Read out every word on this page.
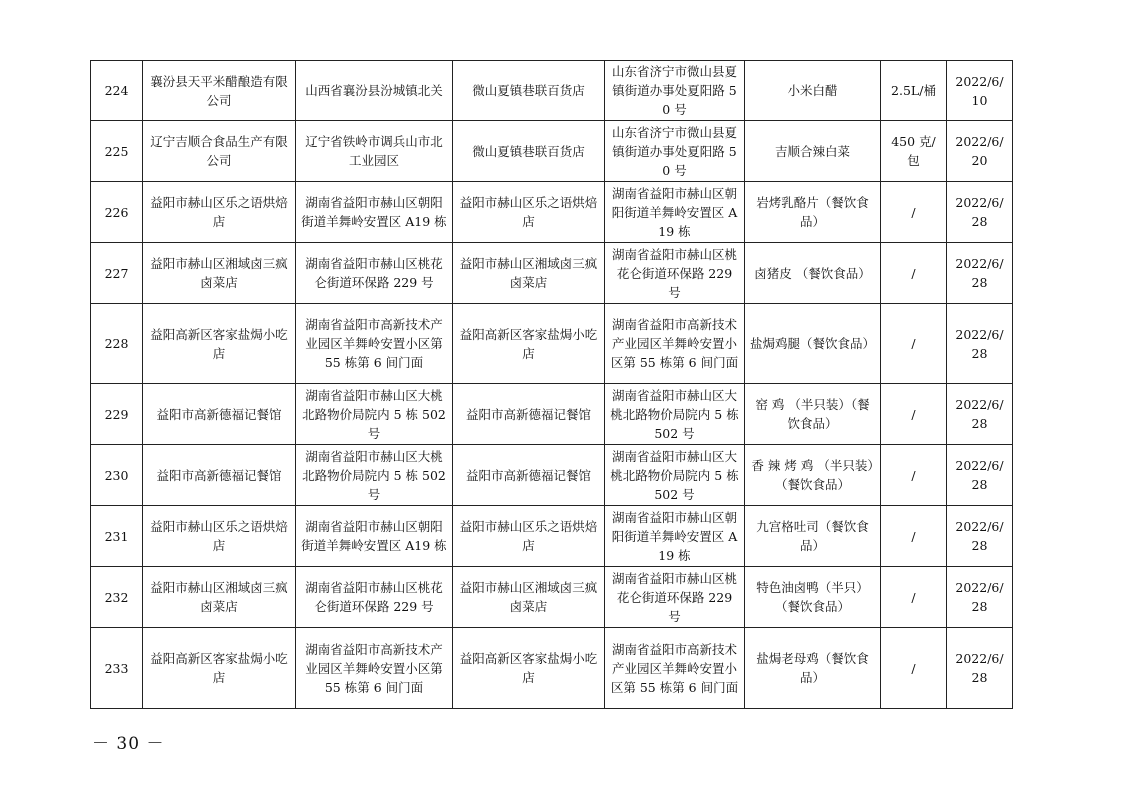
224	襄汾县天平米醋酿造有限公司	山西省襄汾县汾城镇北关	微山夏镇巷联百货店	山东省济宁市微山县夏镇街道办事处夏阳路 50 号	小米白醋	2.5L/桶	2022/6/10
225	辽宁吉顺合食品生产有限公司	辽宁省铁岭市调兵山市北工业园区	微山夏镇巷联百货店	山东省济宁市微山县夏镇街道办事处夏阳路 50 号	吉顺合辣白菜	450 克/包	2022/6/20
226	益阳市赫山区乐之语烘焙店	湖南省益阳市赫山区朝阳街道羊舞岭安置区 A19 栋	益阳市赫山区乐之语烘焙店	湖南省益阳市赫山区朝阳街道羊舞岭安置区 A19 栋	岩烤乳酪片（餐饮食品）	/	2022/6/28
227	益阳市赫山区湘域卤三疯卤菜店	湖南省益阳市赫山区桃花仑街道环保路 229 号	益阳市赫山区湘域卤三疯卤菜店	湖南省益阳市赫山区桃花仑街道环保路 229 号	卤猪皮 （餐饮食品）	/	2022/6/28
228	益阳高新区客家盐焗小吃店	湖南省益阳市高新技术产业园区羊舞岭安置小区第 55 栋第 6 间门面	益阳高新区客家盐焗小吃店	湖南省益阳市高新技术产业园区羊舞岭安置小区第 55 栋第 6 间门面	盐焗鸡腿（餐饮食品）	/	2022/6/28
229	益阳市高新德福记餐馆	湖南省益阳市赫山区大桃北路物价局院内 5 栋 502 号	益阳市高新德福记餐馆	湖南省益阳市赫山区大桃北路物价局院内 5 栋 502 号	窑 鸡 （半只装）（餐饮食品）	/	2022/6/28
230	益阳市高新德福记餐馆	湖南省益阳市赫山区大桃北路物价局院内 5 栋 502 号	益阳市高新德福记餐馆	湖南省益阳市赫山区大桃北路物价局院内 5 栋 502 号	香 辣 烤 鸡 （半只装）（餐饮食品）	/	2022/6/28
231	益阳市赫山区乐之语烘焙店	湖南省益阳市赫山区朝阳街道羊舞岭安置区 A19 栋	益阳市赫山区乐之语烘焙店	湖南省益阳市赫山区朝阳街道羊舞岭安置区 A19 栋	九宫格吐司（餐饮食品）	/	2022/6/28
232	益阳市赫山区湘域卤三疯卤菜店	湖南省益阳市赫山区桃花仑街道环保路 229 号	益阳市赫山区湘域卤三疯卤菜店	湖南省益阳市赫山区桃花仑街道环保路 229 号	特色油卤鸭（半只）（餐饮食品）	/	2022/6/28
233	益阳高新区客家盐焗小吃店	湖南省益阳市高新技术产业园区羊舞岭安置小区第 55 栋第 6 间门面	益阳高新区客家盐焗小吃店	湖南省益阳市高新技术产业园区羊舞岭安置小区第 55 栋第 6 间门面	盐焗老母鸡（餐饮食品）	/	2022/6/28
－ 30 －
